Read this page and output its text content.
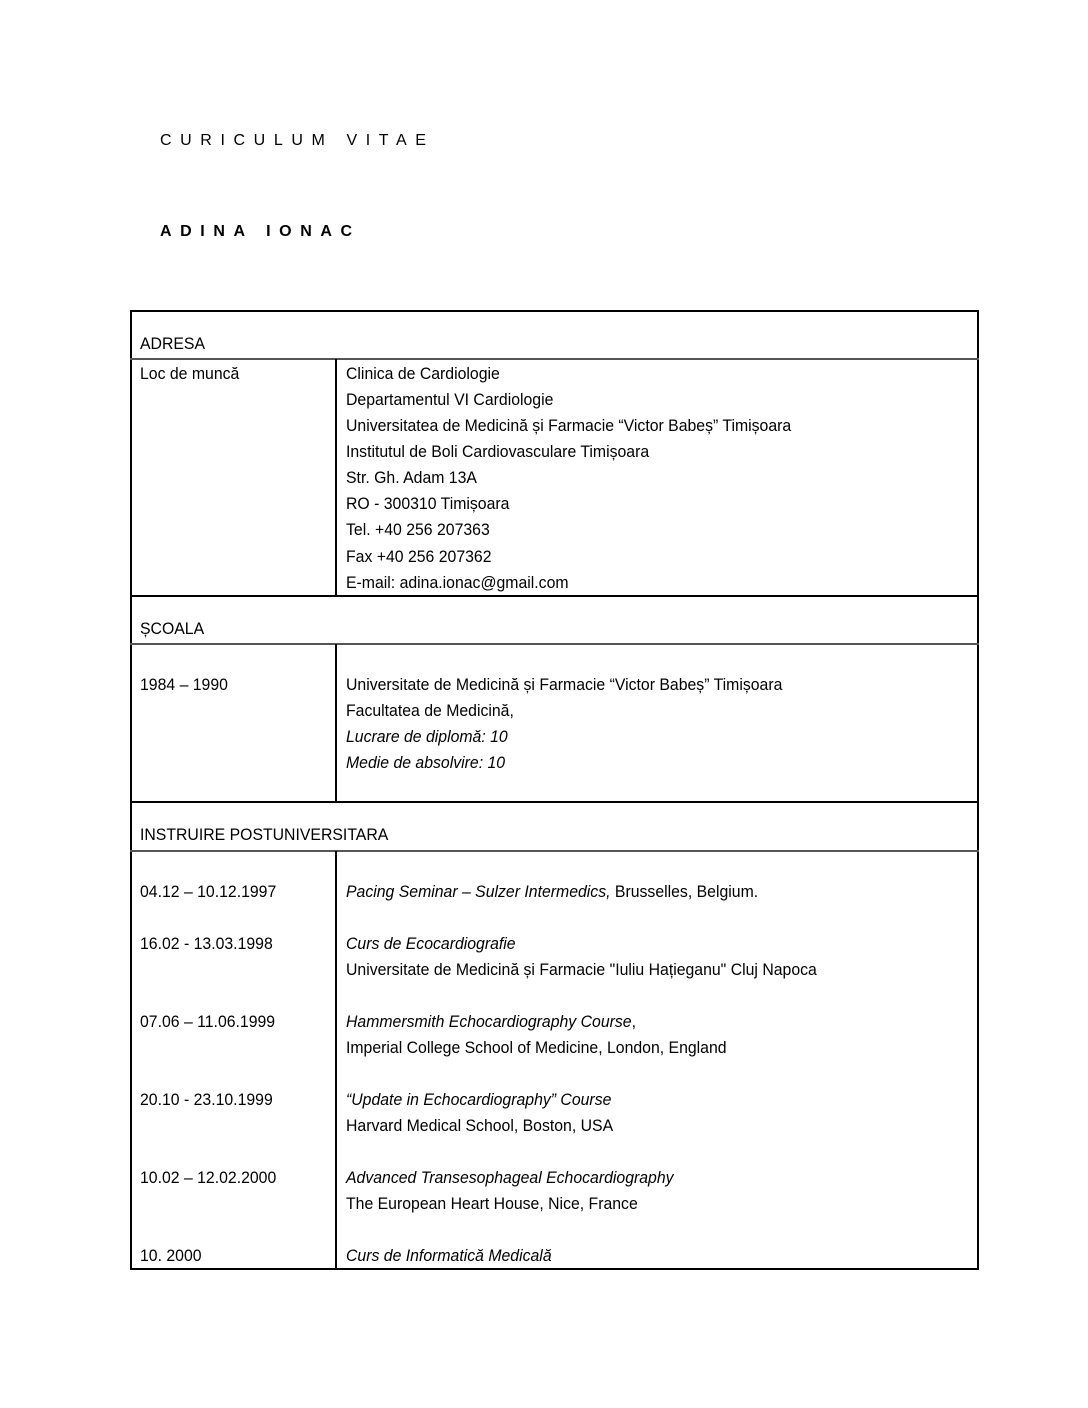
CURICULUM VITAE
ADINA IONAC
ADRESA
Loc de muncă	Clinica de Cardiologie
Departamentul VI Cardiologie
Universitatea de Medicină și Farmacie “Victor Babeș” Timișoara
Institutul de Boli Cardiovasculare Timișoara
Str. Gh. Adam 13A
RO - 300310 Timișoara
Tel. +40 256 207363
Fax +40 256 207362
E-mail: adina.ionac@gmail.com
ȘCOALA
1984 – 1990	Universitate de Medicină și Farmacie “Victor Babeș” Timișoara
Facultatea de Medicină,
Lucrare de diplomă: 10
Medie de absolvire: 10
INSTRUIRE POSTUNIVERSITARA
04.12 – 10.12.1997	Pacing Seminar – Sulzer Intermedics, Brusselles, Belgium.
16.02 - 13.03.1998	Curs de Ecocardiografie
Universitate de Medicină și Farmacie "Iuliu Hațieganu" Cluj Napoca
07.06 – 11.06.1999	Hammersmith Echocardiography Course,
Imperial College School of Medicine, London, England
20.10 - 23.10.1999	“Update in Echocardiography” Course
Harvard Medical School, Boston, USA
10.02 – 12.02.2000	Advanced Transesophageal Echocardiography
The European Heart House, Nice, France
10. 2000	Curs de Informatică Medicală
